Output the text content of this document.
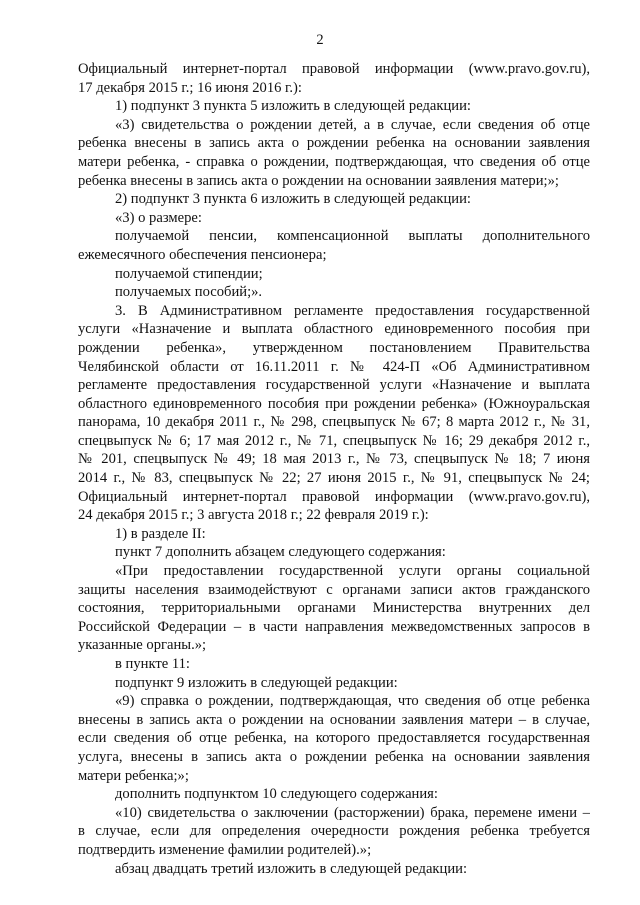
2
Официальный интернет-портал правовой информации (www.pravo.gov.ru),
17 декабря 2015 г.; 16 июня 2016 г.):
1) подпункт 3 пункта 5 изложить в следующей редакции:
«3) свидетельства о рождении детей, а в случае, если сведения об отце
ребенка внесены в запись акта о рождении ребенка на основании заявления
матери ребенка, - справка о рождении, подтверждающая, что сведения об отце
ребенка внесены в запись акта о рождении на основании заявления матери;»;
2) подпункт 3 пункта 6 изложить в следующей редакции:
«3) о размере:
получаемой пенсии, компенсационной выплаты дополнительного
ежемесячного обеспечения пенсионера;
получаемой стипендии;
получаемых пособий;».
3. В Административном регламенте предоставления государственной
услуги «Назначение и выплата областного единовременного пособия при
рождении ребенка», утвержденном постановлением Правительства
Челябинской области от 16.11.2011 г. № 424-П «Об Административном
регламенте предоставления государственной услуги «Назначение и выплата
областного единовременного пособия при рождении ребенка» (Южноуральская
панорама, 10 декабря 2011 г., № 298, спецвыпуск № 67; 8 марта 2012 г., № 31,
спецвыпуск № 6; 17 мая 2012 г., № 71, спецвыпуск № 16; 29 декабря 2012 г.,
№ 201, спецвыпуск № 49; 18 мая 2013 г., № 73, спецвыпуск № 18; 7 июня
2014 г., № 83, спецвыпуск № 22; 27 июня 2015 г., № 91, спецвыпуск № 24;
Официальный интернет-портал правовой информации (www.pravo.gov.ru),
24 декабря 2015 г.; 3 августа 2018 г.; 22 февраля 2019 г.):
1) в разделе II:
пункт 7 дополнить абзацем следующего содержания:
«При предоставлении государственной услуги органы социальной
защиты населения взаимодействуют с органами записи актов гражданского
состояния, территориальными органами Министерства внутренних дел
Российской Федерации – в части направления межведомственных запросов в
указанные органы.»;
в пункте 11:
подпункт 9 изложить в следующей редакции:
«9) справка о рождении, подтверждающая, что сведения об отце ребенка
внесены в запись акта о рождении на основании заявления матери – в случае,
если сведения об отце ребенка, на которого предоставляется государственная
услуга, внесены в запись акта о рождении ребенка на основании заявления
матери ребенка;»;
дополнить подпунктом 10 следующего содержания:
«10) свидетельства о заключении (расторжении) брака, перемене имени –
в случае, если для определения очередности рождения ребенка требуется
подтвердить изменение фамилии родителей).»;
абзац двадцать третий изложить в следующей редакции:
